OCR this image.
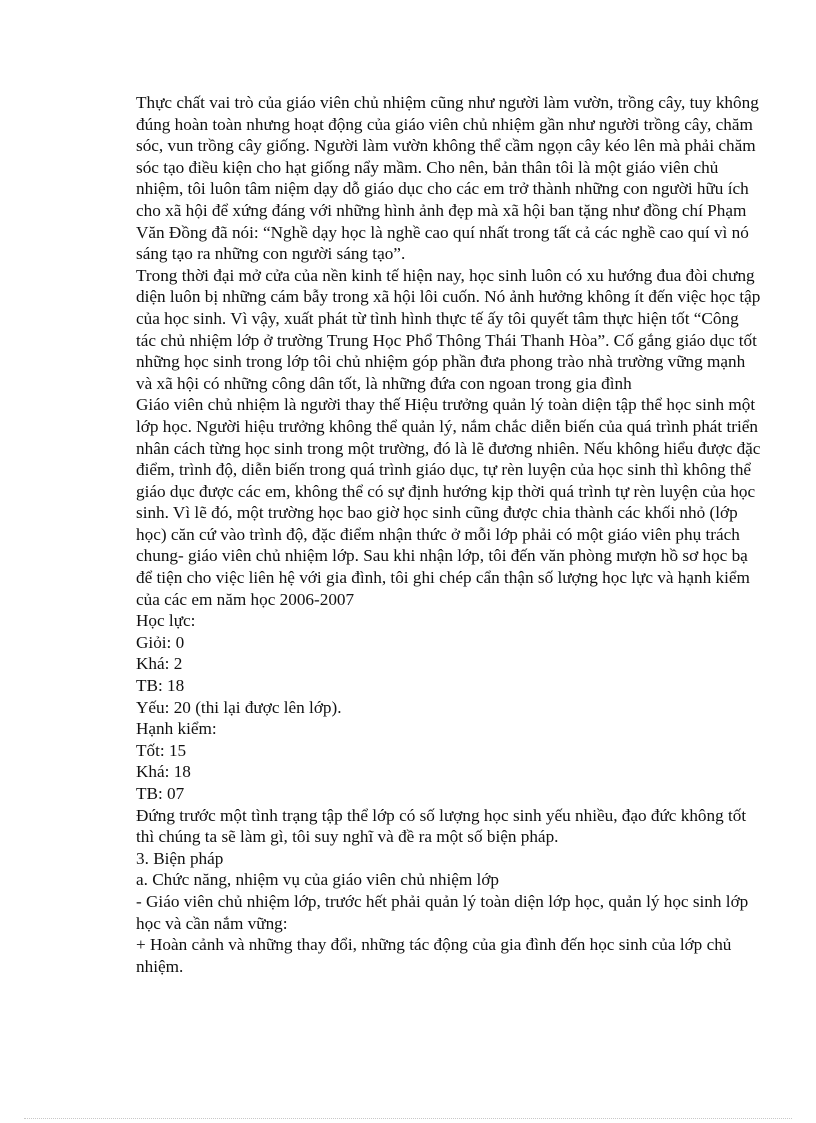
Thực chất vai trò của giáo viên chủ nhiệm cũng như người làm vườn, trồng cây, tuy không đúng hoàn toàn nhưng hoạt động của giáo viên chủ nhiệm gần như người trồng cây, chăm sóc, vun trồng cây giống. Người làm vườn không thể cầm ngọn cây kéo lên mà phải chăm sóc tạo điều kiện cho hạt giống nẩy mầm. Cho nên, bản thân tôi là một giáo viên chủ nhiệm, tôi luôn tâm niệm dạy dỗ giáo dục cho các em trở thành những con người hữu ích cho xã hội để xứng đáng với những hình ảnh đẹp mà xã hội ban tặng như đồng chí Phạm Văn Đồng đã nói: “Nghề dạy học là nghề cao quí nhất trong tất cả các nghề cao quí vì nó sáng tạo ra những con người sáng tạo”.

Trong thời đại mở cửa của nền kinh tế hiện nay, học sinh luôn có xu hướng đua đòi chưng diện luôn bị những cám bẫy trong xã hội lôi cuốn. Nó ảnh hưởng không ít đến việc học tập của học sinh. Vì vậy, xuất phát từ tình hình thực tế ấy tôi quyết tâm thực hiện tốt “Công tác chủ nhiệm lớp ở trường Trung Học Phổ Thông Thái Thanh Hòa”. Cố gắng giáo dục tốt những học sinh trong lớp tôi chủ nhiệm góp phần đưa phong trào nhà trường vững mạnh và xã hội có những công dân tốt, là những đứa con ngoan trong gia đình

Giáo viên chủ nhiệm là người thay thế Hiệu trưởng quản lý toàn diện tập thể học sinh một lớp học. Người hiệu trưởng không thể quản lý, nắm chắc diễn biến của quá trình phát triển nhân cách từng học sinh trong một trường, đó là lẽ đương nhiên. Nếu không hiểu được đặc điểm, trình độ, diễn biến trong quá trình giáo dục, tự rèn luyện của học sinh thì không thể giáo dục được các em, không thể có sự định hướng kịp thời quá trình tự rèn luyện của học sinh. Vì lẽ đó, một trường học bao giờ học sinh cũng được chia thành các khối nhỏ (lớp học) căn cứ vào trình độ, đặc điểm nhận thức ở mỗi lớp phải có một giáo viên phụ trách chung- giáo viên chủ nhiệm lớp. Sau khi nhận lớp, tôi đến văn phòng mượn hồ sơ học bạ để tiện cho việc liên hệ với gia đình, tôi ghi chép cẩn thận số lượng học lực và hạnh kiểm của các em năm học 2006-2007

Học lực:

Giỏi: 0

Khá: 2

TB: 18

Yếu: 20 (thi lại được lên lớp).

Hạnh kiểm:

Tốt: 15

Khá: 18

TB: 07

Đứng trước một tình trạng tập thể lớp có số lượng học sinh yếu nhiều, đạo đức không tốt thì chúng ta sẽ làm gì, tôi suy nghĩ và đề ra một số biện pháp.

3. Biện pháp

a. Chức năng, nhiệm vụ của giáo viên chủ nhiệm lớp

- Giáo viên chủ nhiệm lớp, trước hết phải quản lý toàn diện lớp học, quản lý học sinh lớp học và cần nắm vững:

+ Hoàn cảnh và những thay đổi, những tác động của gia đình đến học sinh của lớp chủ nhiệm.
